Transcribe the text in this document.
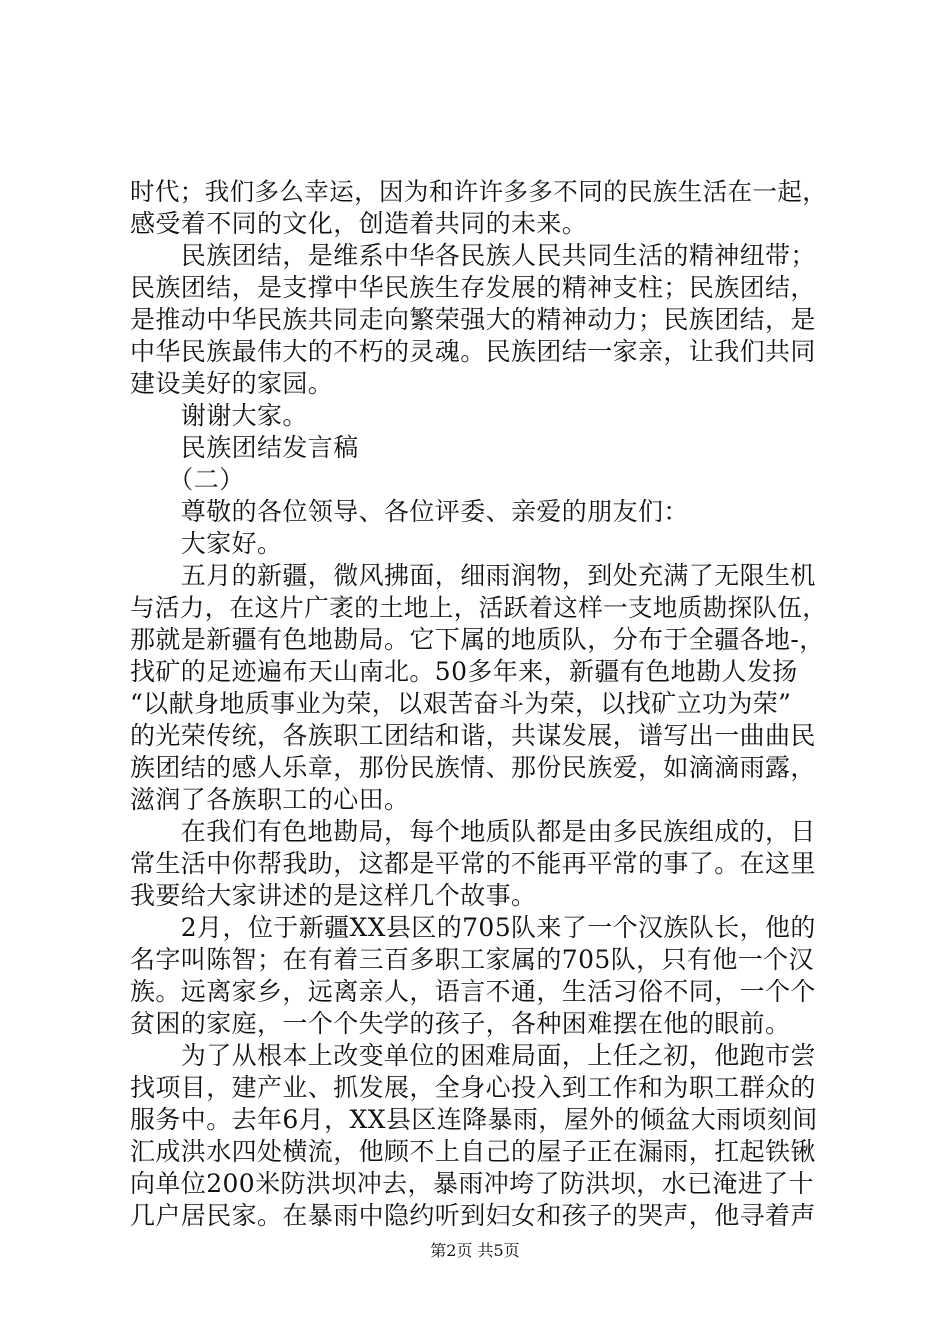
时代；我们多么幸运，因为和许许多多不同的民族生活在一起，
感受着不同的文化，创造着共同的未来。
　　民族团结，是维系中华各民族人民共同生活的精神纽带；
民族团结，是支撑中华民族生存发展的精神支柱；民族团结，
是推动中华民族共同走向繁荣强大的精神动力；民族团结，是
中华民族最伟大的不朽的灵魂。民族团结一家亲，让我们共同
建设美好的家园。
　　谢谢大家。
　　民族团结发言稿
　　（二）
　　尊敬的各位领导、各位评委、亲爱的朋友们：
　　大家好。
　　五月的新疆，微风拂面，细雨润物，到处充满了无限生机
与活力，在这片广袤的土地上，活跃着这样一支地质勘探队伍，
那就是新疆有色地勘局。它下属的地质队，分布于全疆各地-，
找矿的足迹遍布天山南北。50多年来，新疆有色地勘人发扬
“以献身地质事业为荣，以艰苦奋斗为荣，以找矿立功为荣”
的光荣传统，各族职工团结和谐，共谋发展，谱写出一曲曲民
族团结的感人乐章，那份民族情、那份民族爱，如滴滴雨露，
滋润了各族职工的心田。
　　在我们有色地勘局，每个地质队都是由多民族组成的，日
常生活中你帮我助，这都是平常的不能再平常的事了。在这里
我要给大家讲述的是这样几个故事。
　　2月，位于新疆XX县区的705队来了一个汉族队长，他的
名字叫陈智；在有着三百多职工家属的705队，只有他一个汉
族。远离家乡，远离亲人，语言不通，生活习俗不同，一个个
贫困的家庭，一个个失学的孩子，各种困难摆在他的眼前。
　　为了从根本上改变单位的困难局面，上任之初，他跑市尝
找项目，建产业、抓发展，全身心投入到工作和为职工群众的
服务中。去年6月，XX县区连降暴雨，屋外的倾盆大雨顷刻间
汇成洪水四处横流，他顾不上自己的屋子正在漏雨，扛起铁锹
向单位200米防洪坝冲去，暴雨冲垮了防洪坝，水已淹进了十
几户居民家。在暴雨中隐约听到妇女和孩子的哭声，他寻着声
第2页 共5页
